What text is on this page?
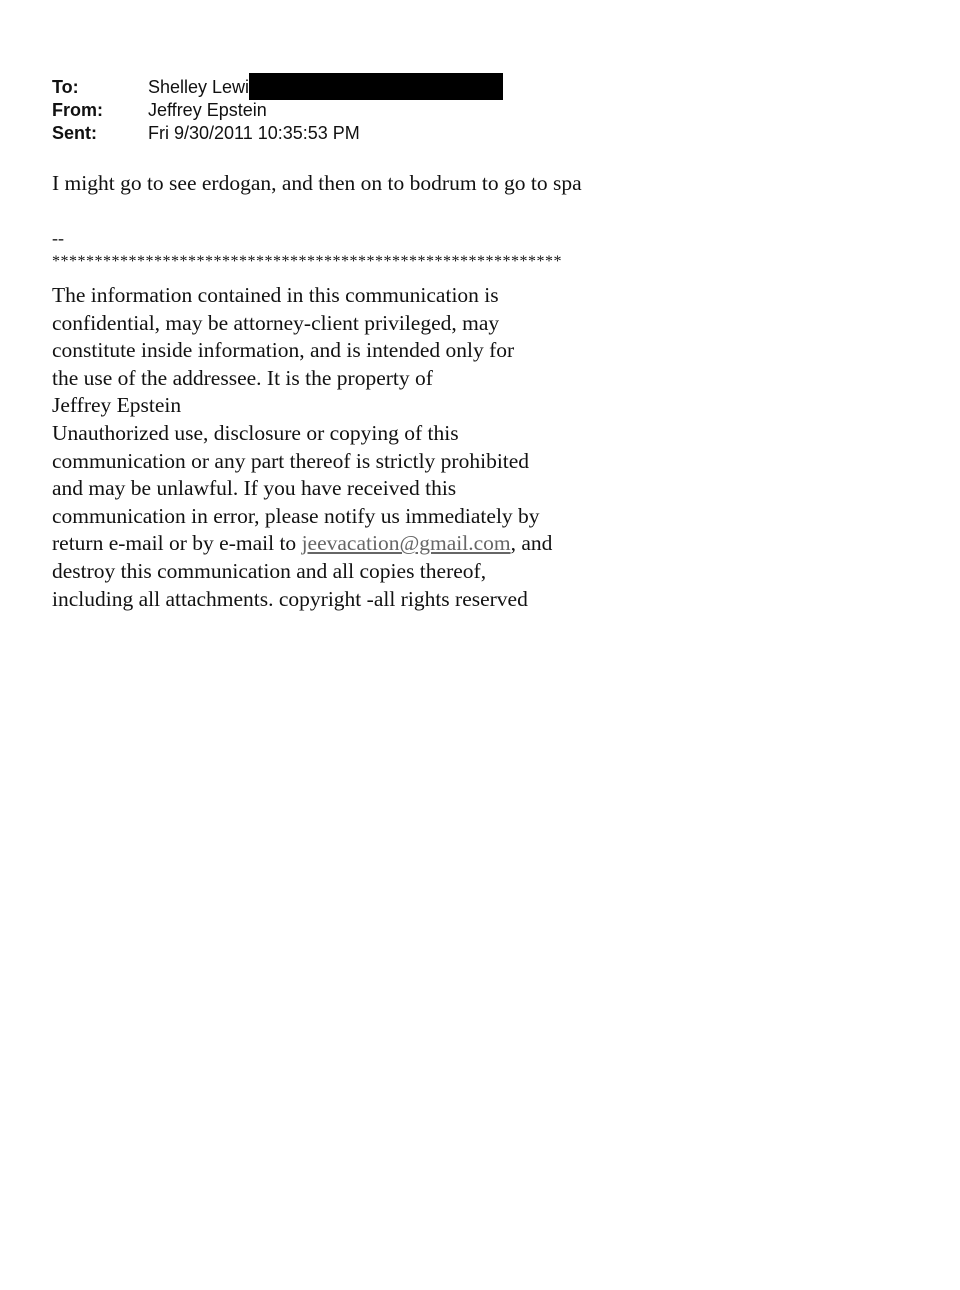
To:	Shelley Lewi
From:	Jeffrey Epstein
Sent:	Fri 9/30/2011 10:35:53 PM
I might go to see erdogan, and then on to bodrum to go to spa
--
************************************************************
The information contained in this communication is
confidential, may be attorney-client privileged, may
constitute inside information, and is intended only for
the use of the addressee. It is the property of
Jeffrey Epstein
Unauthorized use, disclosure or copying of this
communication or any part thereof is strictly prohibited
and may be unlawful. If you have received this
communication in error, please notify us immediately by
return e-mail or by e-mail to jeevacation@gmail.com, and
destroy this communication and all copies thereof,
including all attachments. copyright -all rights reserved
